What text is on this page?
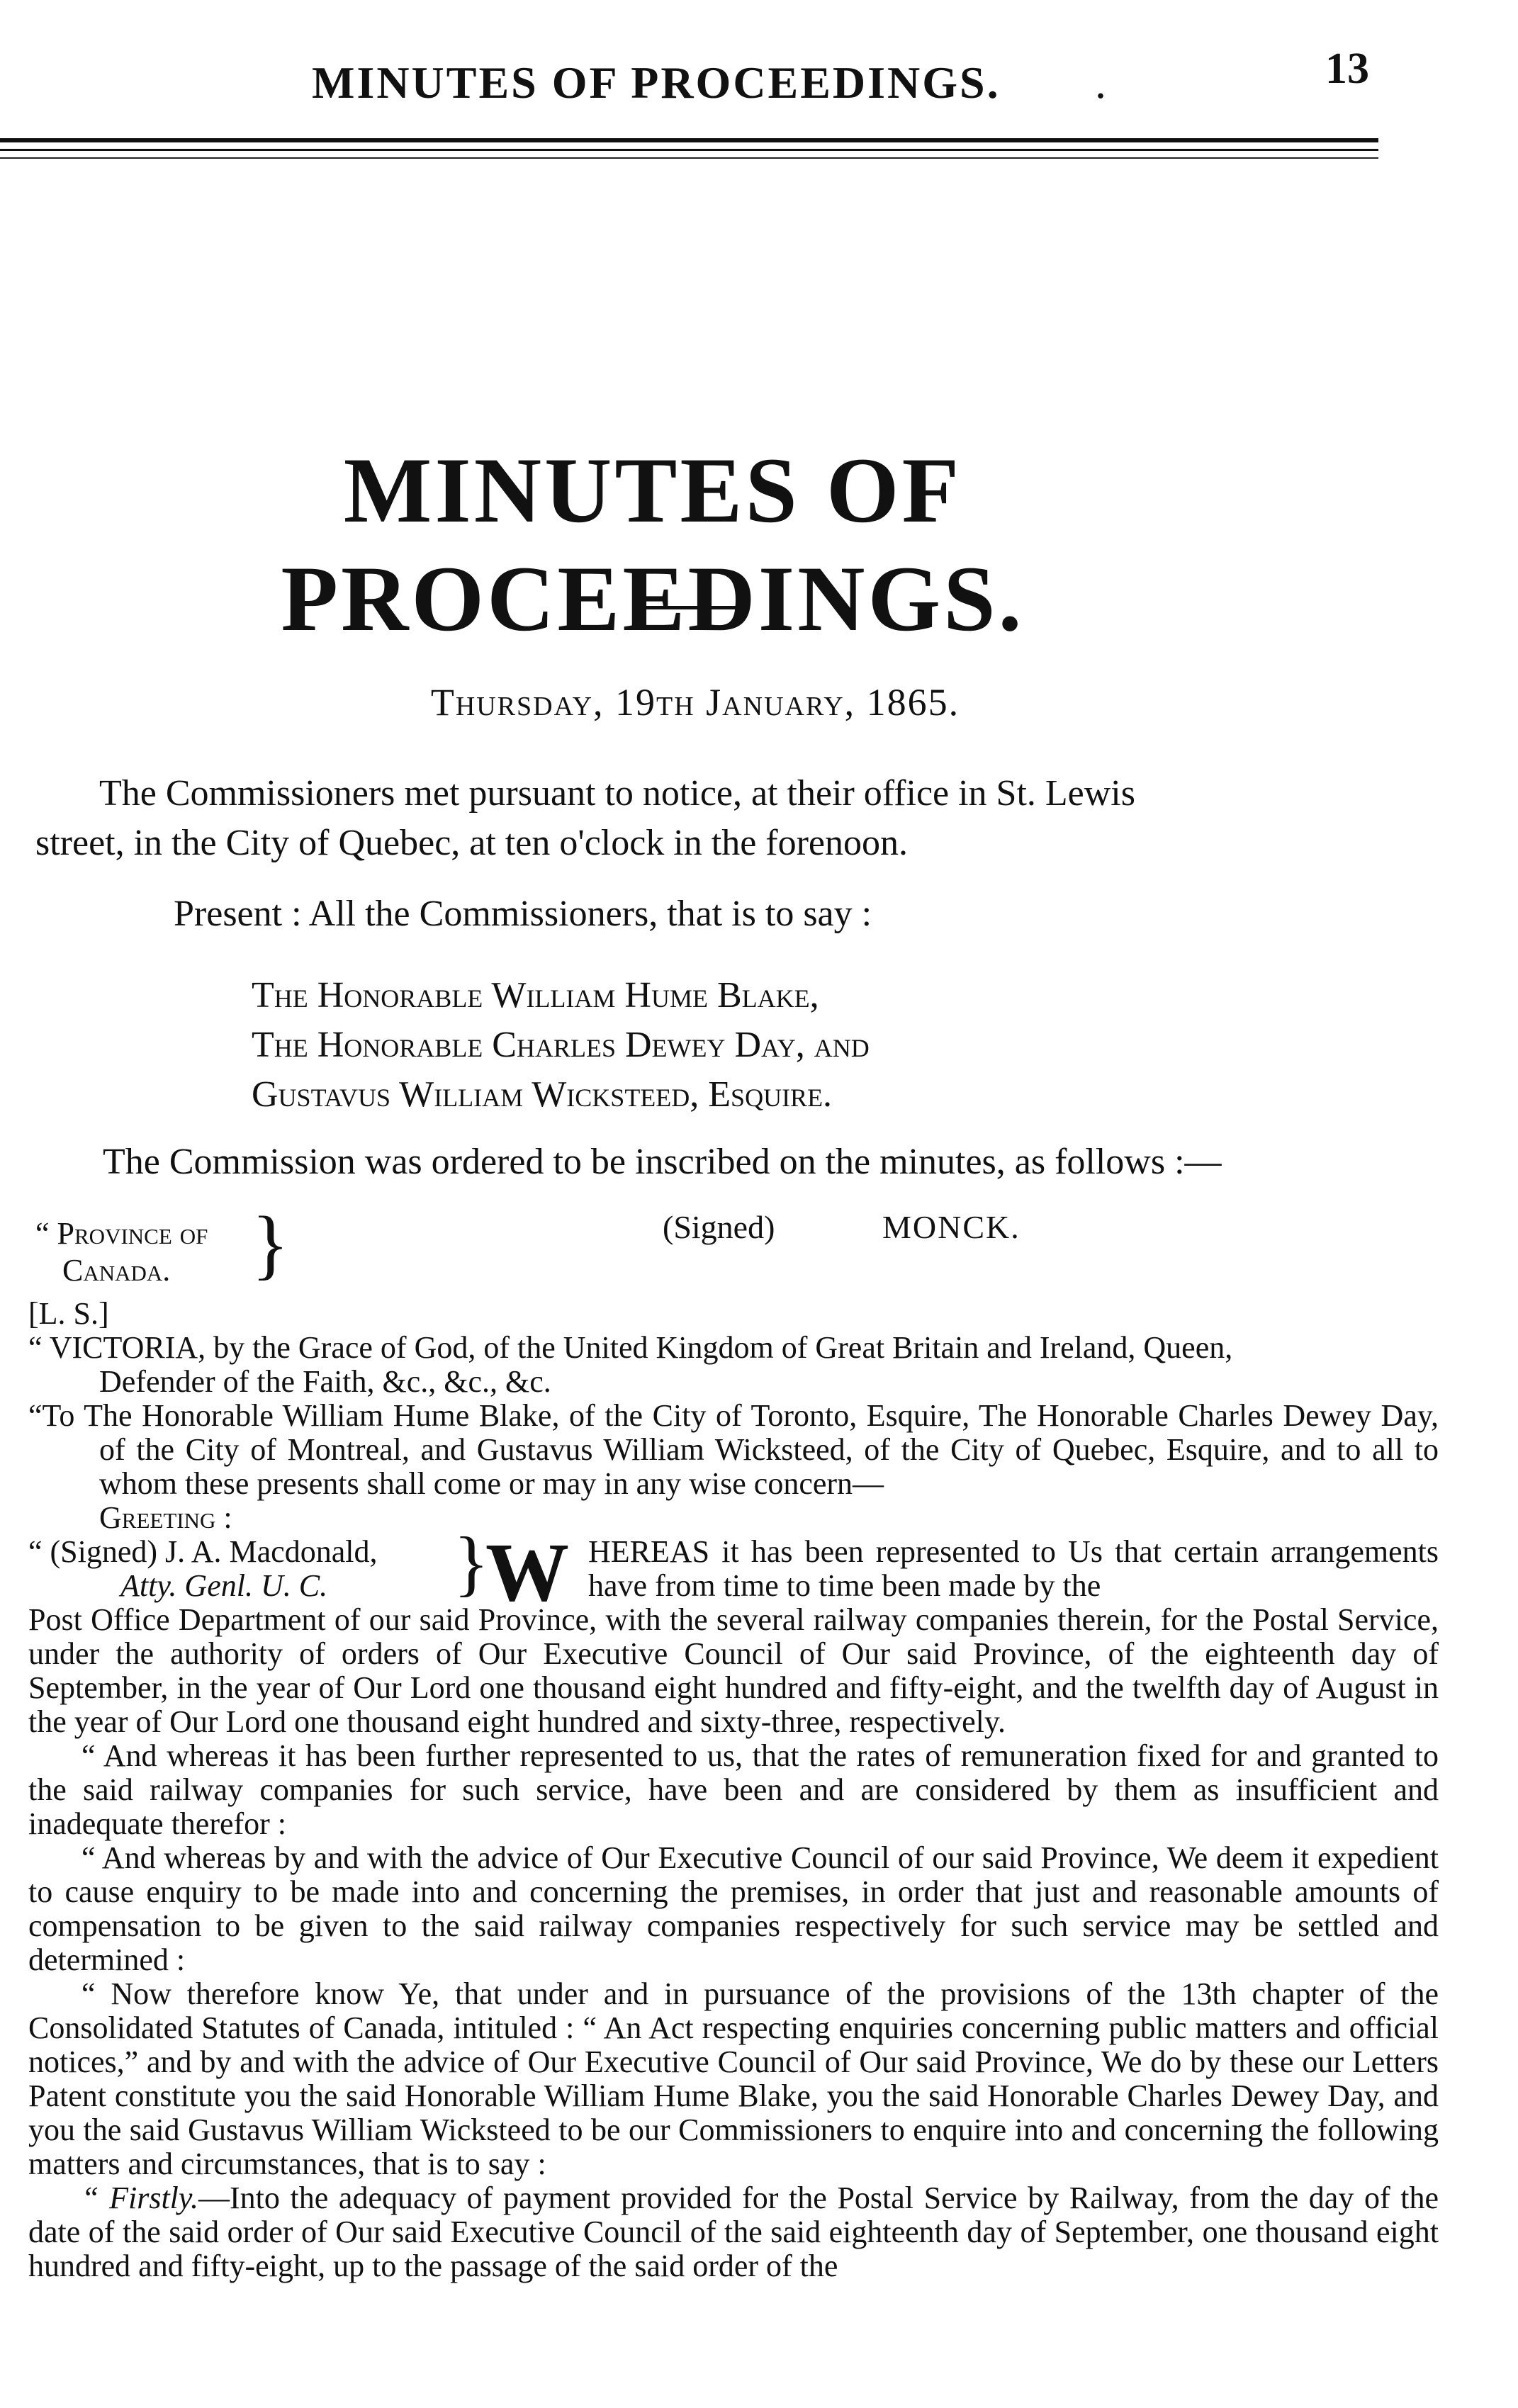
MINUTES OF PROCEEDINGS. .	13
MINUTES OF PROCEEDINGS.
Thursday, 19th January, 1865.
The Commissioners met pursuant to notice, at their office in St. Lewis
street, in the City of Quebec, at ten o'clock in the forenoon.
Present : All the Commissioners, that is to say :
The Honorable William Hume Blake,
The Honorable Charles Dewey Day, and
Gustavus William Wicksteed, Esquire.
The Commission was ordered to be inscribed on the minutes, as follows :—
“ Province of
Canada.	}	(Signed)	MONCK.

[L. S.]

“ VICTORIA, by the Grace of God, of the United Kingdom of Great Britain and Ireland, Queen,
Defender of the Faith, &c., &c., &c.

“To The Honorable William Hume Blake, of the City of Toronto, Esquire, The Honorable Charles Dewey Day, of the City of Montreal, and Gustavus William Wicksteed, of the City of Quebec, Esquire, and to all to whom these presents shall come or may in any wise concern—
Greeting :

“ (Signed) J. A. Macdonald,
Atty. Genl. U. C.	}
W HEREAS it has been represented to Us that certain arrangements have from time to time been made by the

Post Office Department of our said Province, with the several railway companies therein, for the Postal Service, under the authority of orders of Our Executive Council of Our said Province, of the eighteenth day of September, in the year of Our Lord one thousand eight hundred and fifty-eight, and the twelfth day of August in the year of Our Lord one thousand eight hundred and sixty-three, respectively.

“ And whereas it has been further represented to us, that the rates of remuneration fixed for and granted to the said railway companies for such service, have been and are considered by them as insufficient and inadequate therefor :

“ And whereas by and with the advice of Our Executive Council of our said Province, We deem it expedient to cause enquiry to be made into and concerning the premises, in order that just and reasonable amounts of compensation to be given to the said railway companies respectively for such service may be settled and determined :

“ Now therefore know Ye, that under and in pursuance of the provisions of the 13th chapter of the Consolidated Statutes of Canada, intituled : “ An Act respecting enquiries concerning public matters and official notices,” and by and with the advice of Our Executive Council of Our said Province, We do by these our Letters Patent constitute you the said Honorable William Hume Blake, you the said Honorable Charles Dewey Day, and you the said Gustavus William Wicksteed to be our Commissioners to enquire into and concerning the following matters and circumstances, that is to say :

“ Firstly.—Into the adequacy of payment provided for the Postal Service by Railway, from the day of the date of the said order of Our said Executive Council of the said eighteenth day of September, one thousand eight hundred and fifty-eight, up to the passage of the said order of the
